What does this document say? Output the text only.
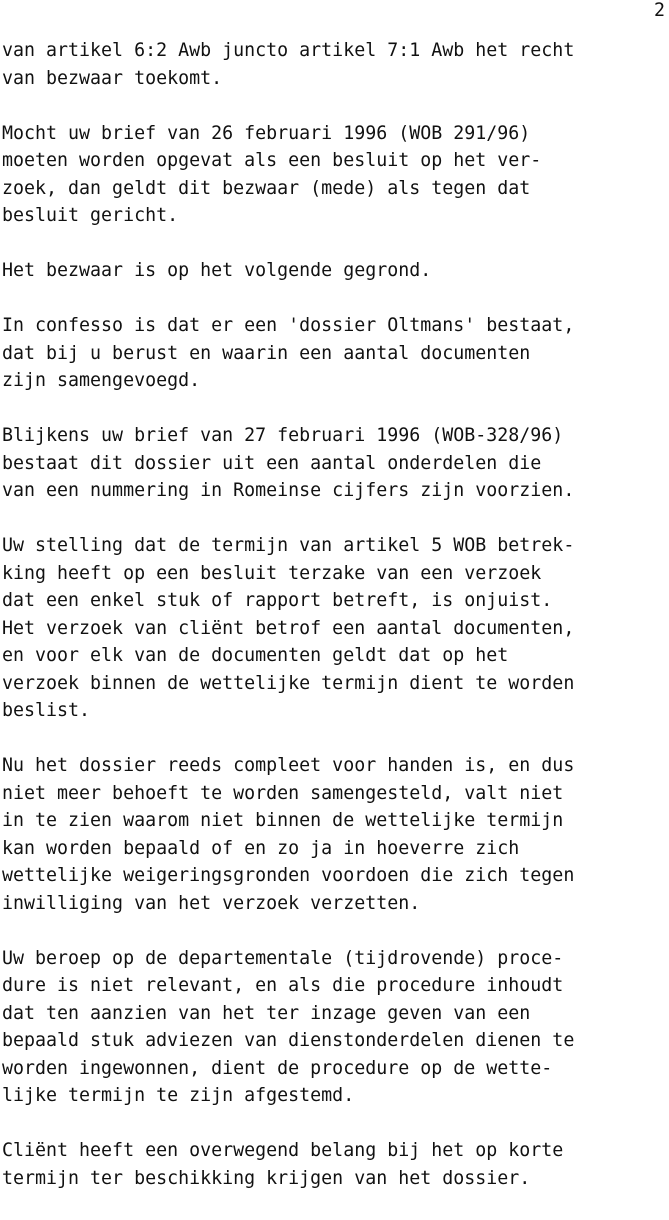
2
van artikel 6:2 Awb juncto artikel 7:1 Awb het recht
van bezwaar toekomt.
Mocht uw brief van 26 februari 1996 (WOB 291/96)
moeten worden opgevat als een besluit op het ver-
zoek, dan geldt dit bezwaar (mede) als tegen dat
besluit gericht.
Het bezwaar is op het volgende gegrond.
In confesso is dat er een 'dossier Oltmans' bestaat,
dat bij u berust en waarin een aantal documenten
zijn samengevoegd.
Blijkens uw brief van 27 februari 1996 (WOB-328/96)
bestaat dit dossier uit een aantal onderdelen die
van een nummering in Romeinse cijfers zijn voorzien.
Uw stelling dat de termijn van artikel 5 WOB betrek-
king heeft op een besluit terzake van een verzoek
dat een enkel stuk of rapport betreft, is onjuist.
Het verzoek van cliënt betrof een aantal documenten,
en voor elk van de documenten geldt dat op het
verzoek binnen de wettelijke termijn dient te worden
beslist.
Nu het dossier reeds compleet voor handen is, en dus
niet meer behoeft te worden samengesteld, valt niet
in te zien waarom niet binnen de wettelijke termijn
kan worden bepaald of en zo ja in hoeverre zich
wettelijke weigeringsgronden voordoen die zich tegen
inwilliging van het verzoek verzetten.
Uw beroep op de departementale (tijdrovende) proce-
dure is niet relevant, en als die procedure inhoudt
dat ten aanzien van het ter inzage geven van een
bepaald stuk adviezen van dienstonderdelen dienen te
worden ingewonnen, dient de procedure op de wette-
lijke termijn te zijn afgestemd.
Cliënt heeft een overwegend belang bij het op korte
termijn ter beschikking krijgen van het dossier.
